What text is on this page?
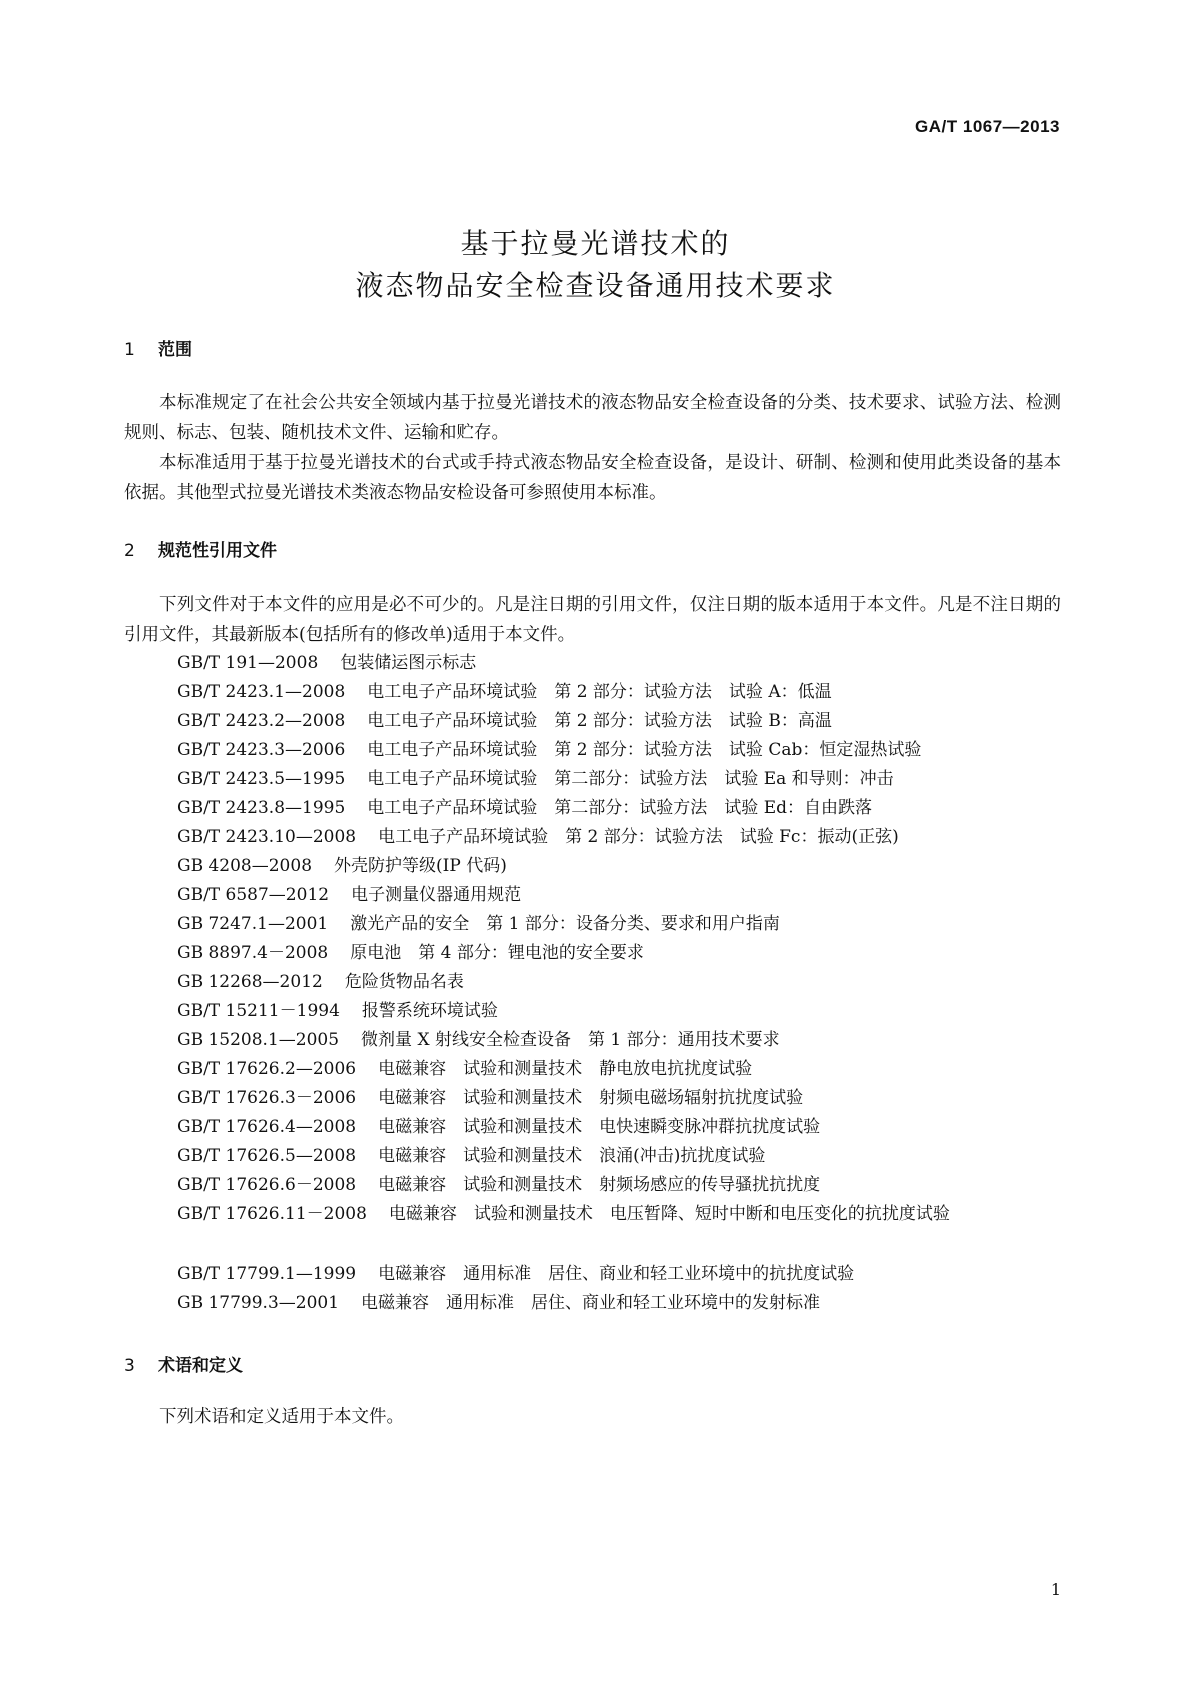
GA/T 1067—2013
基于拉曼光谱技术的
液态物品安全检查设备通用技术要求
1 范围

本标准规定了在社会公共安全领域内基于拉曼光谱技术的液态物品安全检查设备的分类、技术要求、试验方法、检测规则、标志、包装、随机技术文件、运输和贮存。

本标准适用于基于拉曼光谱技术的台式或手持式液态物品安全检查设备，是设计、研制、检测和使用此类设备的基本依据。其他型式拉曼光谱技术类液态物品安检设备可参照使用本标准。

2 规范性引用文件

下列文件对于本文件的应用是必不可少的。凡是注日期的引用文件，仅注日期的版本适用于本文件。凡是不注日期的引用文件，其最新版本(包括所有的修改单)适用于本文件。

GB/T 191—2008 包装储运图示标志
GB/T 2423.1—2008 电工电子产品环境试验　第 2 部分：试验方法　试验 A：低温
GB/T 2423.2—2008 电工电子产品环境试验　第 2 部分：试验方法　试验 B：高温
GB/T 2423.3—2006 电工电子产品环境试验　第 2 部分：试验方法　试验 Cab：恒定湿热试验
GB/T 2423.5—1995 电工电子产品环境试验　第二部分：试验方法　试验 Ea 和导则：冲击
GB/T 2423.8—1995 电工电子产品环境试验　第二部分：试验方法　试验 Ed：自由跌落
GB/T 2423.10—2008 电工电子产品环境试验　第 2 部分：试验方法　试验 Fc：振动(正弦)
GB 4208—2008 外壳防护等级(IP 代码)
GB/T 6587—2012 电子测量仪器通用规范
GB 7247.1—2001 激光产品的安全　第 1 部分：设备分类、要求和用户指南
GB 8897.4－2008 原电池　第 4 部分：锂电池的安全要求
GB 12268—2012 危险货物品名表
GB/T 15211－1994 报警系统环境试验
GB 15208.1—2005 微剂量 X 射线安全检查设备　第 1 部分：通用技术要求
GB/T 17626.2—2006 电磁兼容　试验和测量技术　静电放电抗扰度试验
GB/T 17626.3－2006 电磁兼容　试验和测量技术　射频电磁场辐射抗扰度试验
GB/T 17626.4—2008 电磁兼容　试验和测量技术　电快速瞬变脉冲群抗扰度试验
GB/T 17626.5—2008 电磁兼容　试验和测量技术　浪涌(冲击)抗扰度试验
GB/T 17626.6－2008 电磁兼容　试验和测量技术　射频场感应的传导骚扰抗扰度
GB/T 17626.11－2008 电磁兼容　试验和测量技术　电压暂降、短时中断和电压变化的抗扰度试验
GB/T 17799.1—1999 电磁兼容　通用标准　居住、商业和轻工业环境中的抗扰度试验
GB 17799.3—2001 电磁兼容　通用标准　居住、商业和轻工业环境中的发射标准
3 术语和定义

下列术语和定义适用于本文件。

1
